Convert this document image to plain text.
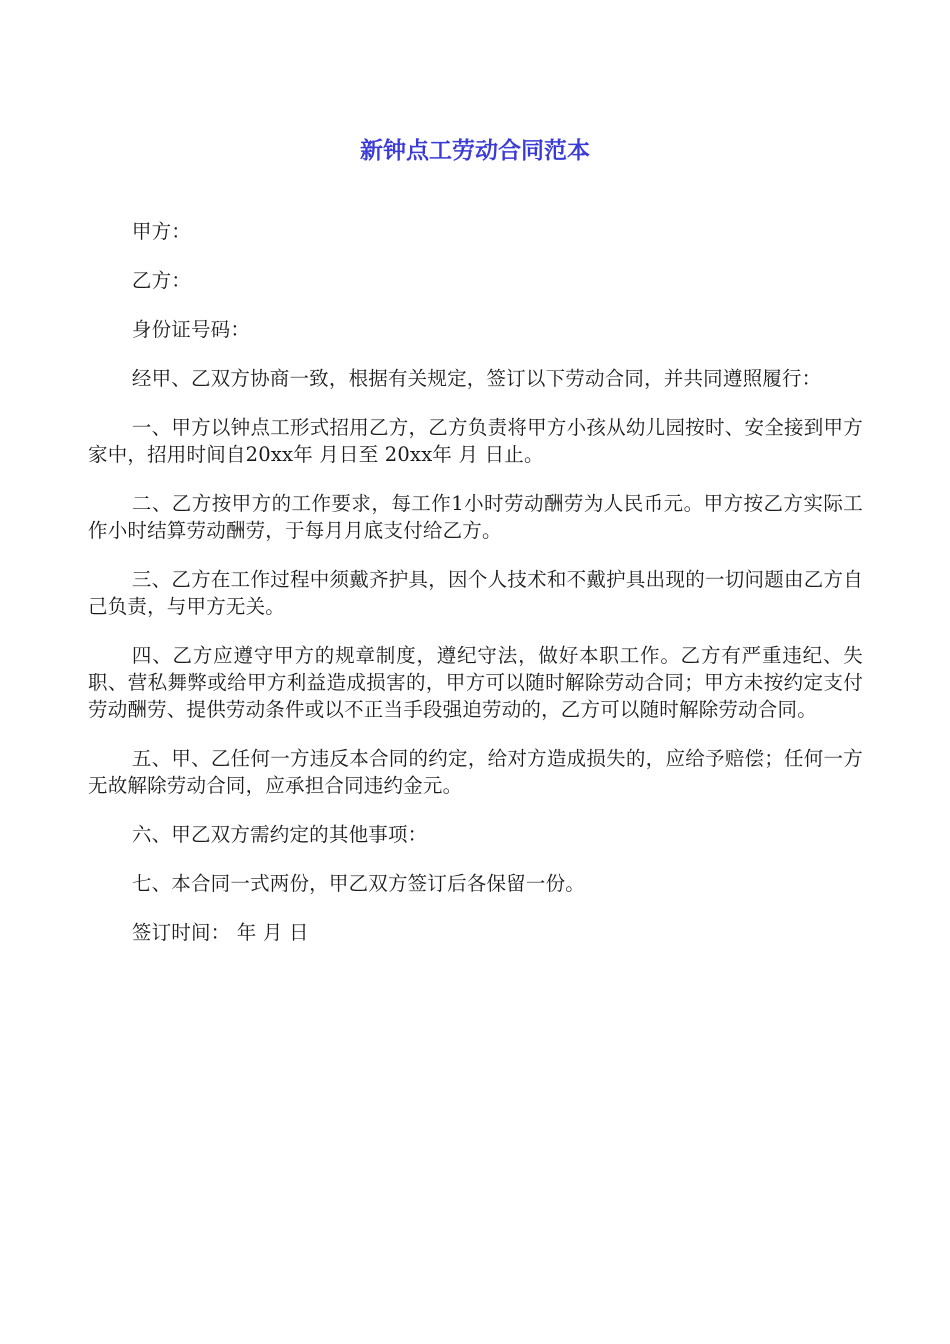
新钟点工劳动合同范本

甲方：

乙方：

身份证号码：

经甲、乙双方协商一致，根据有关规定，签订以下劳动合同，并共同遵照履行：

一、甲方以钟点工形式招用乙方，乙方负责将甲方小孩从幼儿园按时、安全接到甲方家中，招用时间自20xx年 月日至 20xx年 月 日止。

二、乙方按甲方的工作要求，每工作1小时劳动酬劳为人民币元。甲方按乙方实际工作小时结算劳动酬劳，于每月月底支付给乙方。

三、乙方在工作过程中须戴齐护具，因个人技术和不戴护具出现的一切问题由乙方自己负责，与甲方无关。

四、乙方应遵守甲方的规章制度，遵纪守法，做好本职工作。乙方有严重违纪、失职、营私舞弊或给甲方利益造成损害的，甲方可以随时解除劳动合同；甲方未按约定支付劳动酬劳、提供劳动条件或以不正当手段强迫劳动的，乙方可以随时解除劳动合同。

五、甲、乙任何一方违反本合同的约定，给对方造成损失的，应给予赔偿；任何一方无故解除劳动合同，应承担合同违约金元。

六、甲乙双方需约定的其他事项：

七、本合同一式两份，甲乙双方签订后各保留一份。

签订时间： 年 月 日
